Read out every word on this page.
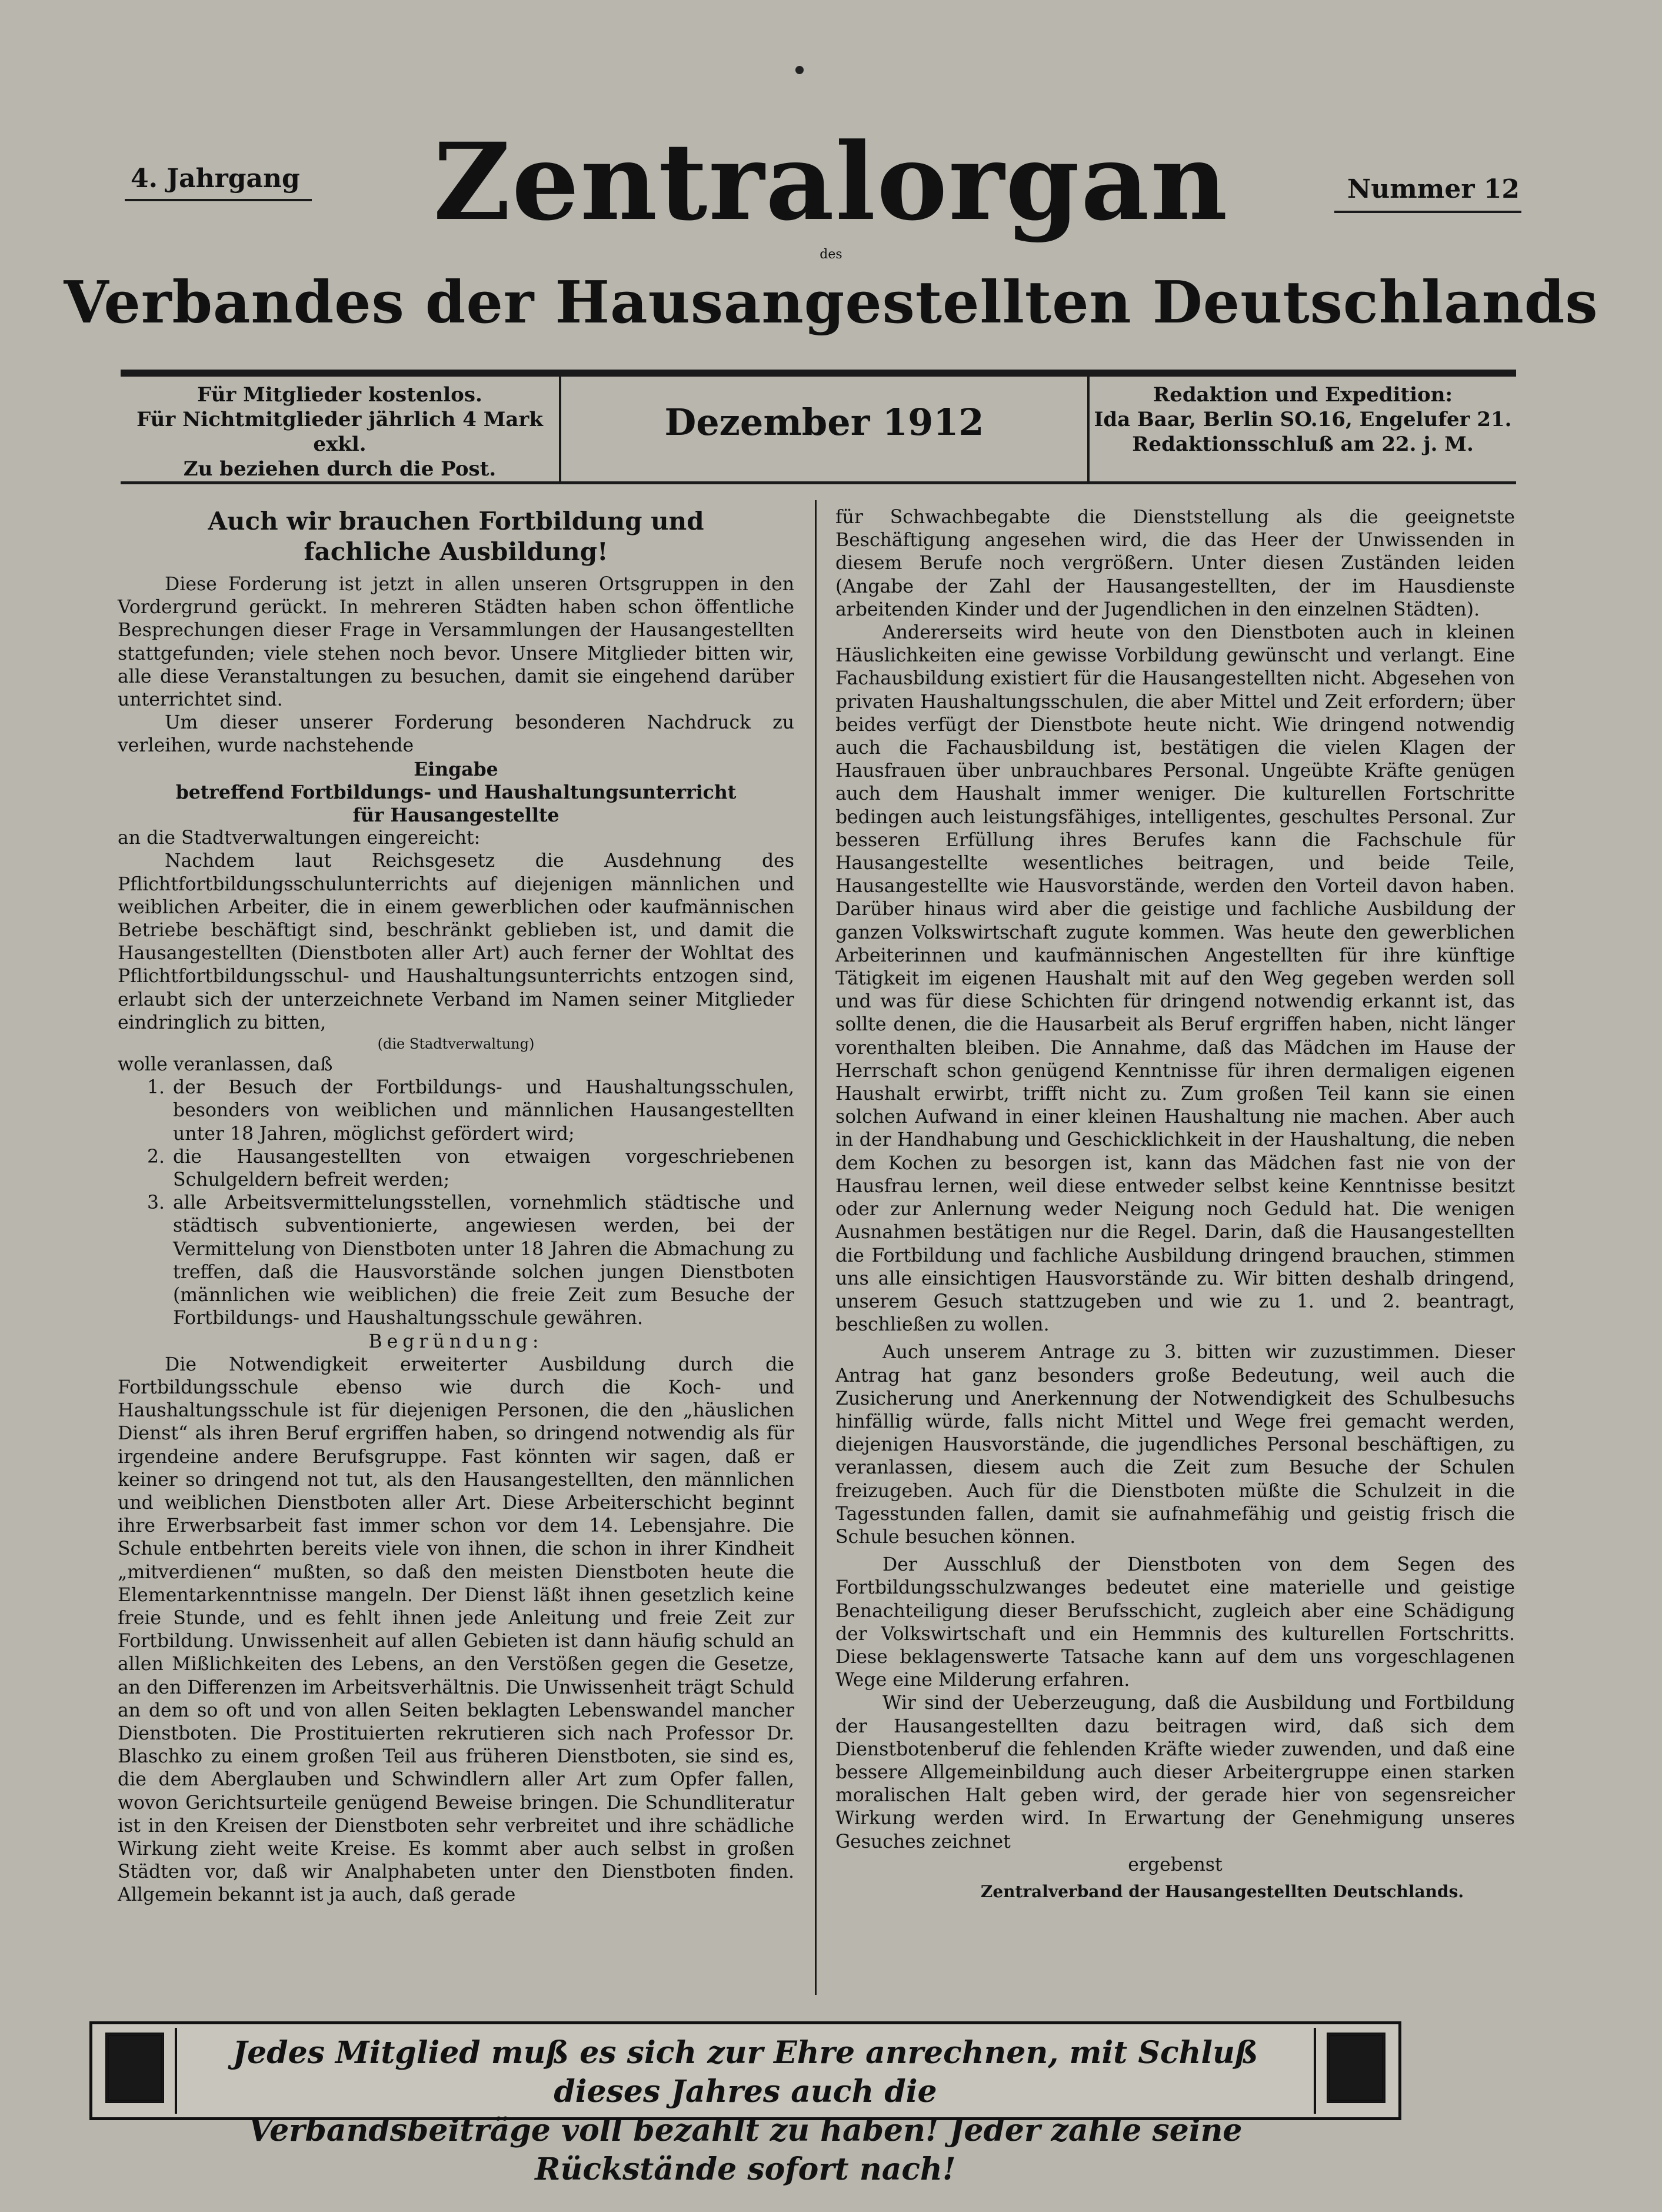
4. Jahrgang	Nummer 12
Zentralorgan
des
Verbandes der Hausangestellten Deutschlands
Für Mitglieder kostenlos.
Für Nichtmitglieder jährlich 4 Mark exkl.
Zu beziehen durch die Post.
Dezember 1912
Redaktion und Expedition:
Ida Baar, Berlin SO.16, Engelufer 21.
Redaktionsschluß am 22. j. M.

Auch wir brauchen Fortbildung und

fachliche Ausbildung!

Diese Forderung ist jetzt in allen unseren Ortsgruppen in den Vordergrund gerückt. In mehreren Städten haben schon öffentliche Besprechungen dieser Frage in Versammlungen der Hausangestellten stattgefunden; viele stehen noch bevor. Unsere Mitglieder bitten wir, alle diese Veranstaltungen zu besuchen, damit sie eingehend darüber unterrichtet sind.

Um dieser unserer Forderung besonderen Nachdruck zu verleihen, wurde nachstehende

Eingabe

betreffend Fortbildungs- und Haushaltungsunterricht

für Hausangestellte

an die Stadtverwaltungen eingereicht:

Nachdem laut Reichsgesetz die Ausdehnung des Pflichtfortbildungsschulunterrichts auf diejenigen männlichen und weiblichen Arbeiter, die in einem gewerblichen oder kaufmännischen Betriebe beschäftigt sind, beschränkt geblieben ist, und damit die Hausangestellten (Dienstboten aller Art) auch ferner der Wohltat des Pflichtfortbildungsschul- und Haushaltungsunterrichts entzogen sind, erlaubt sich der unterzeichnete Verband im Namen seiner Mitglieder eindringlich zu bitten,

(die Stadtverwaltung)

wolle veranlassen, daß

1. der Besuch der Fortbildungs- und Haushaltungsschulen, besonders von weiblichen und männlichen Hausangestellten unter 18 Jahren, möglichst gefördert wird;
2. die Hausangestellten von etwaigen vorgeschriebenen Schulgeldern befreit werden;
3. alle Arbeitsvermittelungsstellen, vornehmlich städtische und städtisch subventionierte, angewiesen werden, bei der Vermittelung von Dienstboten unter 18 Jahren die Abmachung zu treffen, daß die Hausvorstände solchen jungen Dienstboten (männlichen wie weiblichen) die freie Zeit zum Besuche der Fortbildungs- und Haushaltungsschule gewähren.

Begründung:

Die Notwendigkeit erweiterter Ausbildung durch die Fortbildungsschule ebenso wie durch die Koch- und Haushaltungsschule ist für diejenigen Personen, die den „häuslichen Dienst“ als ihren Beruf ergriffen haben, so dringend notwendig als für irgendeine andere Berufsgruppe. Fast könnten wir sagen, daß er keiner so dringend not tut, als den Hausangestellten, den männlichen und weiblichen Dienstboten aller Art. Diese Arbeiterschicht beginnt ihre Erwerbsarbeit fast immer schon vor dem 14. Lebensjahre. Die Schule entbehrten bereits viele von ihnen, die schon in ihrer Kindheit „mitverdienen“ mußten, so daß den meisten Dienstboten heute die Elementarkenntnisse mangeln. Der Dienst läßt ihnen gesetzlich keine freie Stunde, und es fehlt ihnen jede Anleitung und freie Zeit zur Fortbildung. Unwissenheit auf allen Gebieten ist dann häufig schuld an allen Mißlichkeiten des Lebens, an den Verstößen gegen die Gesetze, an den Differenzen im Arbeitsverhältnis. Die Unwissenheit trägt Schuld an dem so oft und von allen Seiten beklagten Lebenswandel mancher Dienstboten. Die Prostituierten rekrutieren sich nach Professor Dr. Blaschko zu einem großen Teil aus früheren Dienstboten, sie sind es, die dem Aberglauben und Schwindlern aller Art zum Opfer fallen, wovon Gerichtsurteile genügend Beweise bringen. Die Schundliteratur ist in den Kreisen der Dienstboten sehr verbreitet und ihre schädliche Wirkung zieht weite Kreise. Es kommt aber auch selbst in großen Städten vor, daß wir Analphabeten unter den Dienstboten finden. Allgemein bekannt ist ja auch, daß gerade

für Schwachbegabte die Dienststellung als die geeignetste Beschäftigung angesehen wird, die das Heer der Unwissenden in diesem Berufe noch vergrößern. Unter diesen Zuständen leiden (Angabe der Zahl der Hausangestellten, der im Hausdienste arbeitenden Kinder und der Jugendlichen in den einzelnen Städten).

Andererseits wird heute von den Dienstboten auch in kleinen Häuslichkeiten eine gewisse Vorbildung gewünscht und verlangt. Eine Fachausbildung existiert für die Hausangestellten nicht. Abgesehen von privaten Haushaltungsschulen, die aber Mittel und Zeit erfordern; über beides verfügt der Dienstbote heute nicht. Wie dringend notwendig auch die Fachausbildung ist, bestätigen die vielen Klagen der Hausfrauen über unbrauchbares Personal. Ungeübte Kräfte genügen auch dem Haushalt immer weniger. Die kulturellen Fortschritte bedingen auch leistungsfähiges, intelligentes, geschultes Personal. Zur besseren Erfüllung ihres Berufes kann die Fachschule für Hausangestellte wesentliches beitragen, und beide Teile, Hausangestellte wie Hausvorstände, werden den Vorteil davon haben. Darüber hinaus wird aber die geistige und fachliche Ausbildung der ganzen Volkswirtschaft zugute kommen. Was heute den gewerblichen Arbeiterinnen und kaufmännischen Angestellten für ihre künftige Tätigkeit im eigenen Haushalt mit auf den Weg gegeben werden soll und was für diese Schichten für dringend notwendig erkannt ist, das sollte denen, die die Hausarbeit als Beruf ergriffen haben, nicht länger vorenthalten bleiben. Die Annahme, daß das Mädchen im Hause der Herrschaft schon genügend Kenntnisse für ihren dermaligen eigenen Haushalt erwirbt, trifft nicht zu. Zum großen Teil kann sie einen solchen Aufwand in einer kleinen Haushaltung nie machen. Aber auch in der Handhabung und Geschicklichkeit in der Haushaltung, die neben dem Kochen zu besorgen ist, kann das Mädchen fast nie von der Hausfrau lernen, weil diese entweder selbst keine Kenntnisse besitzt oder zur Anlernung weder Neigung noch Geduld hat. Die wenigen Ausnahmen bestätigen nur die Regel. Darin, daß die Hausangestellten die Fortbildung und fachliche Ausbildung dringend brauchen, stimmen uns alle einsichtigen Hausvorstände zu. Wir bitten deshalb dringend, unserem Gesuch stattzugeben und wie zu 1. und 2. beantragt, beschließen zu wollen.

Auch unserem Antrage zu 3. bitten wir zuzustimmen. Dieser Antrag hat ganz besonders große Bedeutung, weil auch die Zusicherung und Anerkennung der Notwendigkeit des Schulbesuchs hinfällig würde, falls nicht Mittel und Wege frei gemacht werden, diejenigen Hausvorstände, die jugendliches Personal beschäftigen, zu veranlassen, diesem auch die Zeit zum Besuche der Schulen freizugeben. Auch für die Dienstboten müßte die Schulzeit in die Tagesstunden fallen, damit sie aufnahmefähig und geistig frisch die Schule besuchen können.

Der Ausschluß der Dienstboten von dem Segen des Fortbildungsschulzwanges bedeutet eine materielle und geistige Benachteiligung dieser Berufsschicht, zugleich aber eine Schädigung der Volkswirtschaft und ein Hemmnis des kulturellen Fortschritts. Diese beklagenswerte Tatsache kann auf dem uns vorgeschlagenen Wege eine Milderung erfahren.

Wir sind der Ueberzeugung, daß die Ausbildung und Fortbildung der Hausangestellten dazu beitragen wird, daß sich dem Dienstbotenberuf die fehlenden Kräfte wieder zuwenden, und daß eine bessere Allgemeinbildung auch dieser Arbeitergruppe einen starken moralischen Halt geben wird, der gerade hier von segensreicher Wirkung werden wird. In Erwartung der Genehmigung unseres Gesuches zeichnet

ergebenst

Zentralverband der Hausangestellten Deutschlands.

Jedes Mitglied muß es sich zur Ehre anrechnen, mit Schluß dieses Jahres auch die
Verbandsbeiträge voll bezahlt zu haben! Jeder zahle seine Rückstände sofort nach!
